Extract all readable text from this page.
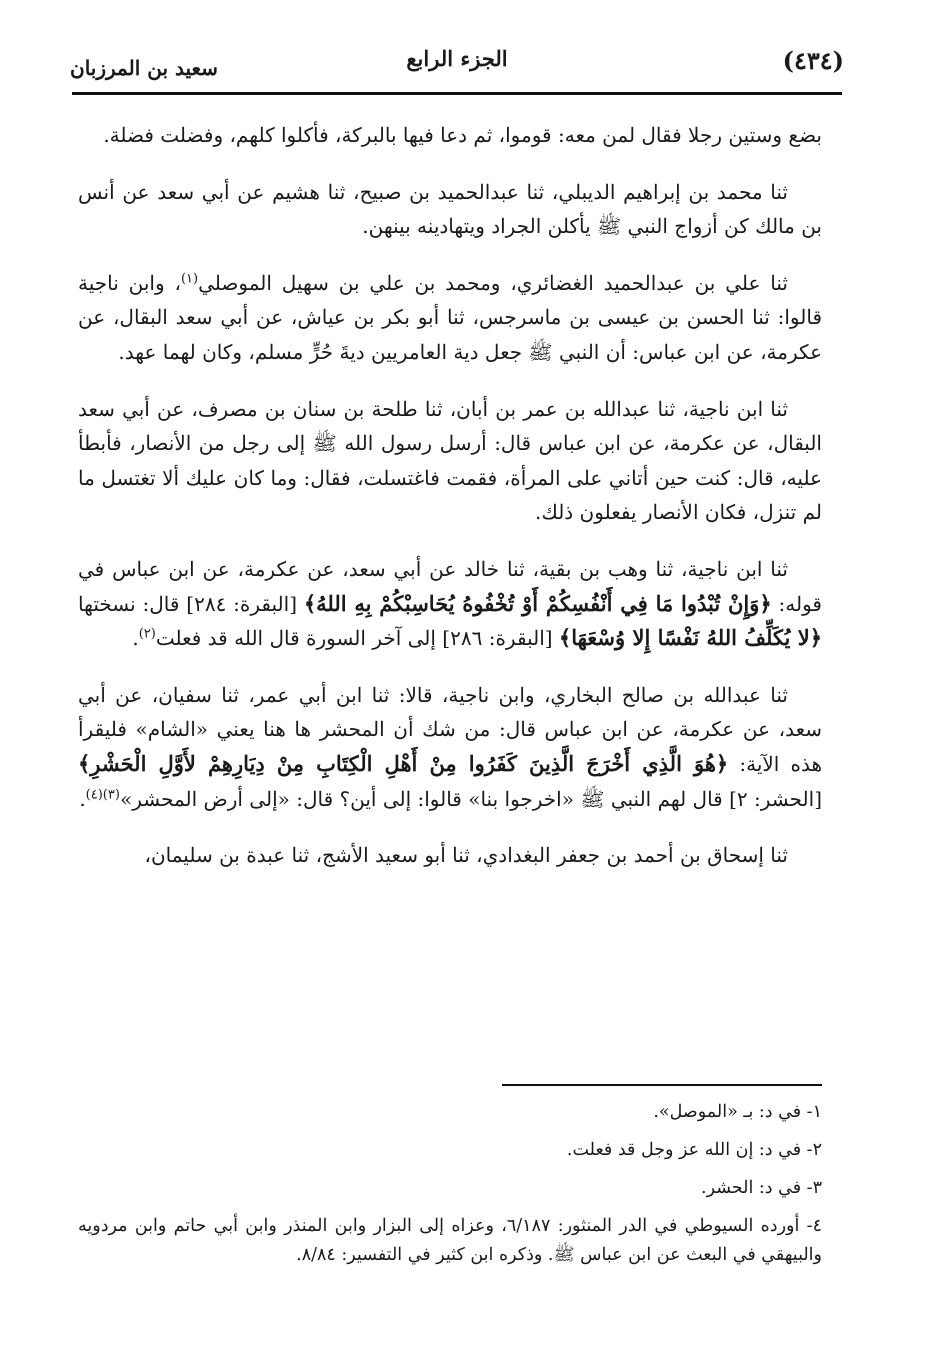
(٤٣٤)
الجزء الرابع
سعيد بن المرزبان

بضع وستين رجلا فقال لمن معه: قوموا، ثم دعا فيها بالبركة، فأكلوا كلهم، وفضلت فضلة.

ثنا محمد بن إبراهيم الديبلي، ثنا عبدالحميد بن صبيح، ثنا هشيم عن أبي سعد عن أنس بن مالك كن أزواج النبي ﷺ يأكلن الجراد ويتهادينه بينهن.

ثنا علي بن عبدالحميد الغضائري، ومحمد بن علي بن سهيل الموصلي$^{(١)}$، وابن ناجية قالوا: ثنا الحسن بن عيسى بن ماسرجس، ثنا أبو بكر بن عياش، عن أبي سعد البقال، عن عكرمة، عن ابن عباس: أن النبي ﷺ جعل دية العامريين ديةَ حُرٍّ مسلم، وكان لهما عهد.

ثنا ابن ناجية، ثنا عبدالله بن عمر بن أبان، ثنا طلحة بن سنان بن مصرف، عن أبي سعد البقال، عن عكرمة، عن ابن عباس قال: أرسل رسول الله ﷺ إلى رجل من الأنصار، فأبطأ عليه، قال: كنت حين أتاني على المرأة، فقمت فاغتسلت، فقال: وما كان عليك ألا تغتسل ما لم تنزل، فكان الأنصار يفعلون ذلك.

ثنا ابن ناجية، ثنا وهب بن بقية، ثنا خالد عن أبي سعد، عن عكرمة، عن ابن عباس في قوله: ﴿وَإِنْ تُبْدُوا مَا فِي أَنْفُسِكُمْ أَوْ تُخْفُوهُ يُحَاسِبْكُمْ بِهِ اللهُ﴾ [البقرة: ٢٨٤] قال: نسختها ﴿لا يُكَلِّفُ اللهُ نَفْسًا إِلا وُسْعَهَا﴾ [البقرة: ٢٨٦] إلى آخر السورة قال الله قد فعلت$^{(٢)}$.

ثنا عبدالله بن صالح البخاري، وابن ناجية، قالا: ثنا ابن أبي عمر، ثنا سفيان، عن أبي سعد، عن عكرمة، عن ابن عباس قال: من شك أن المحشر ها هنا يعني «الشام» فليقرأ هذه الآية: ﴿هُوَ الَّذِي أَخْرَجَ الَّذِينَ كَفَرُوا مِنْ أَهْلِ الْكِتَابِ مِنْ دِيَارِهِمْ لأَوَّلِ الْحَشْرِ﴾ [الحشر: ٢] قال لهم النبي ﷺ «اخرجوا بنا» قالوا: إلى أين؟ قال: «إلى أرض المحشر»$^{(٣)(٤)}$.

ثنا إسحاق بن أحمد بن جعفر البغدادي، ثنا أبو سعيد الأشج، ثنا عبدة بن سليمان،

١- في د: بـ «الموصل».
٢- في د: إن الله عز وجل قد فعلت.
٣- في د: الحشر.
٤- أورده السيوطي في الدر المنثور: ٦/١٨٧، وعزاه إلى البزار وابن المنذر وابن أبي حاتم وابن مردويه والبيهقي في البعث عن ابن عباس ﷺ. وذكره ابن كثير في التفسير: ٨/٨٤.
